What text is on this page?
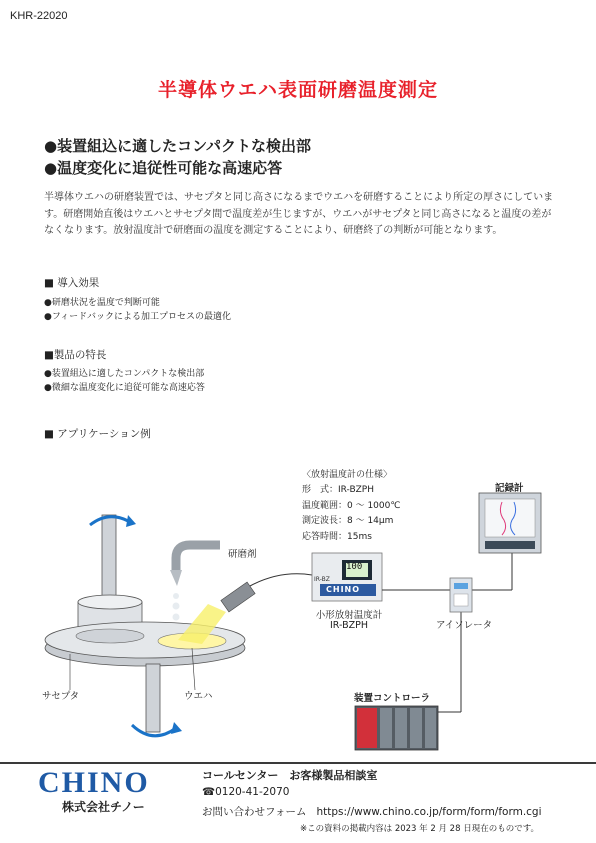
KHR-22020
半導体ウエハ表面研磨温度測定
●装置組込に適したコンパクトな検出部
●温度変化に追従性可能な高速応答
半導体ウエハの研磨装置では、サセプタと同じ高さになるまでウエハを研磨することにより所定の厚さにしています。研磨開始直後はウエハとサセプタ間で温度差が生じますが、ウエハがサセプタと同じ高さになると温度の差がなくなります。放射温度計で研磨面の温度を測定することにより、研磨終了の判断が可能となります。
■ 導入効果
●研磨状況を温度で判断可能
●フィードバックによる加工プロセスの最適化
■製品の特長
●装置組込に適したコンパクトな検出部
●微細な温度変化に追従可能な高速応答
■ アプリケーション例
〈放射温度計の仕様〉
形　式：IR-BZPH
温度範囲：0 〜 1000℃
測定波長：8 〜 14μm
応答時間：15ms
研磨剤
記録計
100
IR-BZ
CHINO
小形放射温度計
IR-BZPH	アイソレータ
サセプタ	ウエハ	装置コントローラ
CHINO
株式会社チノー
コールセンター　お客様製品相談室
☎0120-41-2070
お問い合わせフォーム https://www.chino.co.jp/form/form/form.cgi
※この資料の掲載内容は 2023 年 2 月 28 日現在のものです。
